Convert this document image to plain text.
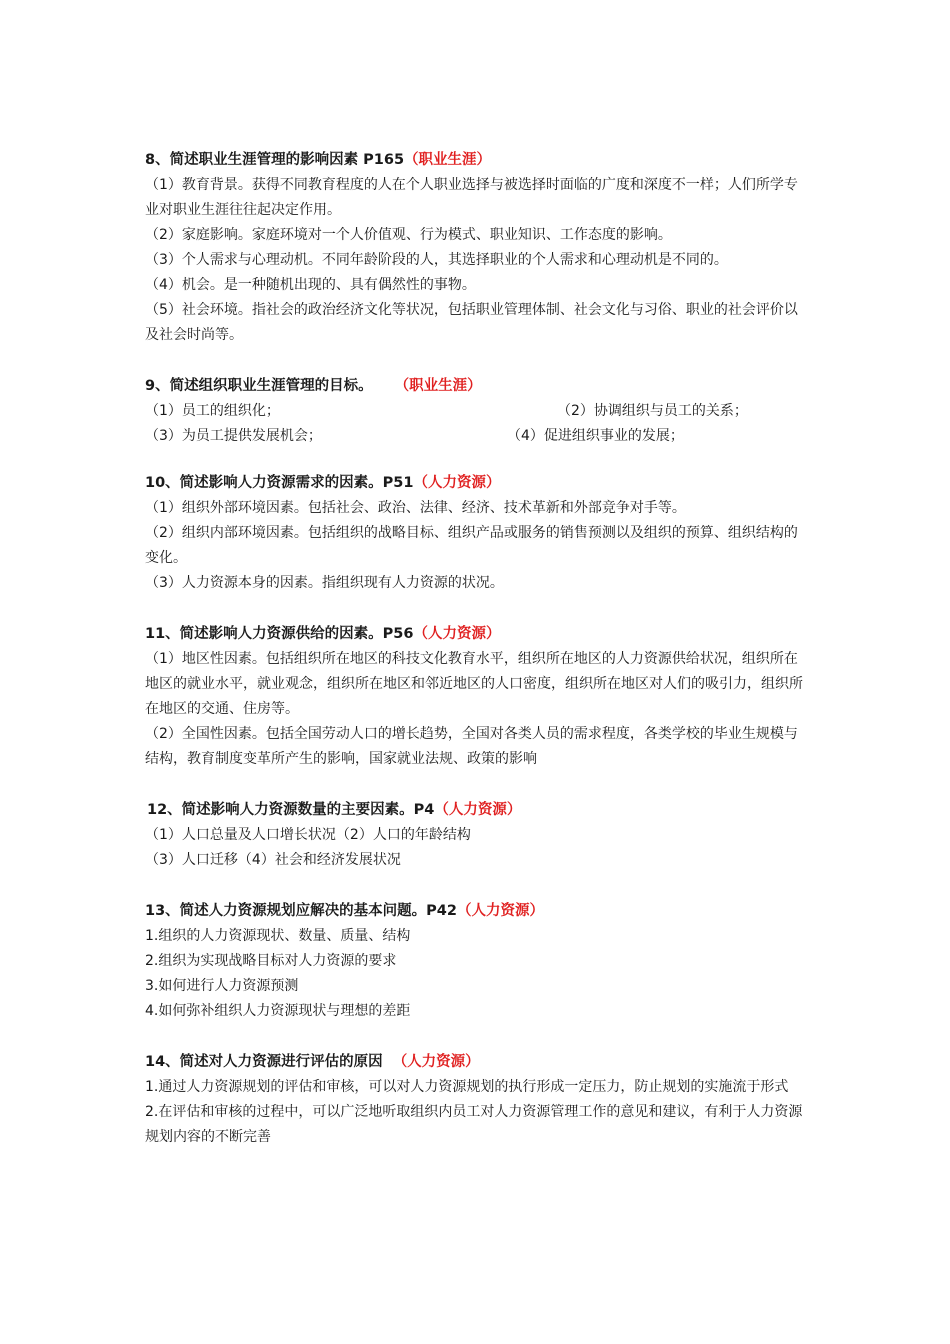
8、简述职业生涯管理的影响因素 P165（职业生涯）
（1）教育背景。获得不同教育程度的人在个人职业选择与被选择时面临的广度和深度不一样；人们所学专业对职业生涯往往起决定作用。
（2）家庭影响。家庭环境对一个人价值观、行为模式、职业知识、工作态度的影响。
（3）个人需求与心理动机。不同年龄阶段的人，其选择职业的个人需求和心理动机是不同的。
（4）机会。是一种随机出现的、具有偶然性的事物。
（5）社会环境。指社会的政治经济文化等状况，包括职业管理体制、社会文化与习俗、职业的社会评价以及社会时尚等。
9、简述组织职业生涯管理的目标。 （职业生涯）
（1）员工的组织化；	（2）协调组织与员工的关系；
（3）为员工提供发展机会；	（4）促进组织事业的发展；
10、简述影响人力资源需求的因素。P51（人力资源）
（1）组织外部环境因素。包括社会、政治、法律、经济、技术革新和外部竞争对手等。
（2）组织内部环境因素。包括组织的战略目标、组织产品或服务的销售预测以及组织的预算、组织结构的变化。
（3）人力资源本身的因素。指组织现有人力资源的状况。
11、简述影响人力资源供给的因素。P56（人力资源）
（1）地区性因素。包括组织所在地区的科技文化教育水平，组织所在地区的人力资源供给状况，组织所在地区的就业水平，就业观念，组织所在地区和邻近地区的人口密度，组织所在地区对人们的吸引力，组织所在地区的交通、住房等。
（2）全国性因素。包括全国劳动人口的增长趋势，全国对各类人员的需求程度，各类学校的毕业生规模与结构，教育制度变革所产生的影响，国家就业法规、政策的影响
12、简述影响人力资源数量的主要因素。P4（人力资源）
（1）人口总量及人口增长状况（2）人口的年龄结构
（3）人口迁移（4）社会和经济发展状况
13、简述人力资源规划应解决的基本问题。P42（人力资源）
1.组织的人力资源现状、数量、质量、结构
2.组织为实现战略目标对人力资源的要求
3.如何进行人力资源预测
4.如何弥补组织人力资源现状与理想的差距
14、简述对人力资源进行评估的原因 （人力资源）
1.通过人力资源规划的评估和审核，可以对人力资源规划的执行形成一定压力，防止规划的实施流于形式
2.在评估和审核的过程中，可以广泛地听取组织内员工对人力资源管理工作的意见和建议，有利于人力资源规划内容的不断完善
